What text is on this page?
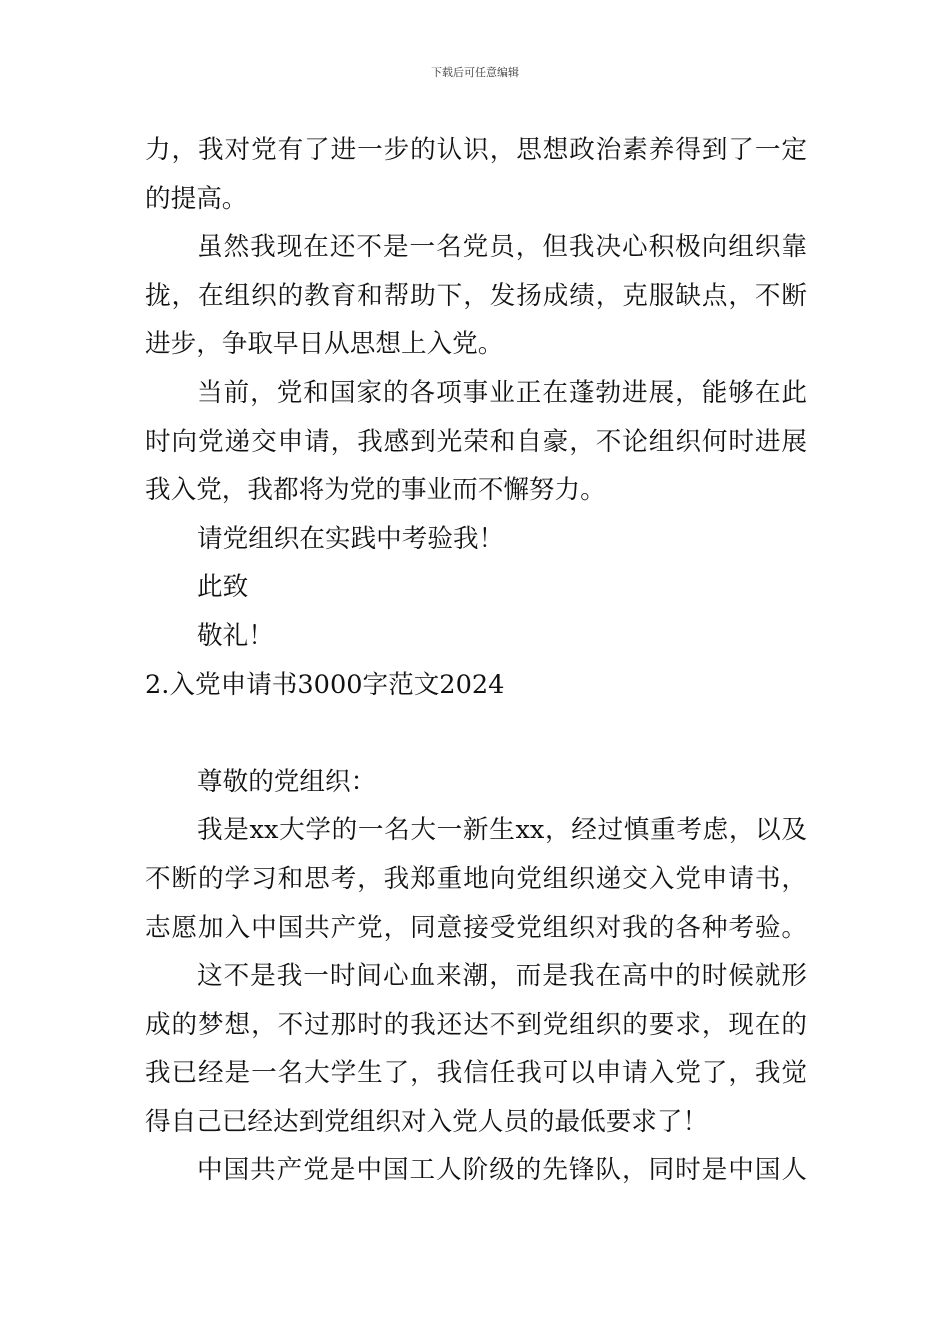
下载后可任意编辑
力，我对党有了进一步的认识，思想政治素养得到了一定
的提高。
虽然我现在还不是一名党员，但我决心积极向组织靠
拢，在组织的教育和帮助下，发扬成绩，克服缺点，不断
进步，争取早日从思想上入党。
当前，党和国家的各项事业正在蓬勃进展，能够在此
时向党递交申请，我感到光荣和自豪，不论组织何时进展
我入党，我都将为党的事业而不懈努力。
请党组织在实践中考验我！
此致
敬礼！
2.入党申请书3000字范文2024
尊敬的党组织：
我是xx大学的一名大一新生xx，经过慎重考虑，以及
不断的学习和思考，我郑重地向党组织递交入党申请书，
志愿加入中国共产党，同意接受党组织对我的各种考验。
这不是我一时间心血来潮，而是我在高中的时候就形
成的梦想，不过那时的我还达不到党组织的要求，现在的
我已经是一名大学生了，我信任我可以申请入党了，我觉
得自己已经达到党组织对入党人员的最低要求了！
中国共产党是中国工人阶级的先锋队，同时是中国人
